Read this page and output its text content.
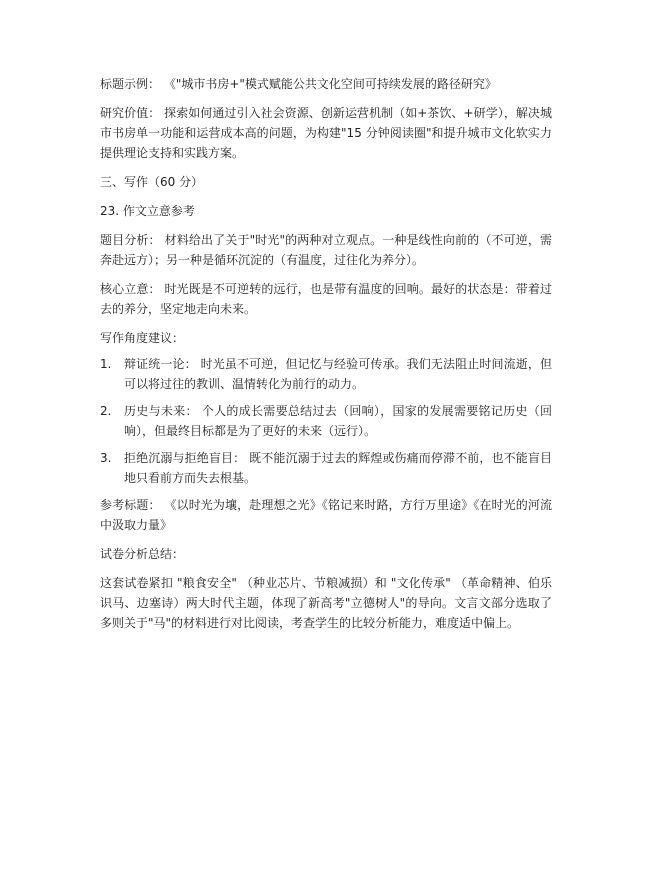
标题示例： 《"城市书房+"模式赋能公共文化空间可持续发展的路径研究》

研究价值： 探索如何通过引入社会资源、创新运营机制（如+茶饮、+研学），解决城市书房单一功能和运营成本高的问题，为构建"15 分钟阅读圈"和提升城市文化软实力提供理论支持和实践方案。

三、写作（60 分）

23. 作文立意参考

题目分析： 材料给出了关于"时光"的两种对立观点。一种是线性向前的（不可逆，需奔赴远方）；另一种是循环沉淀的（有温度，过往化为养分）。

核心立意： 时光既是不可逆转的远行，也是带有温度的回响。最好的状态是：带着过去的养分，坚定地走向未来。

写作角度建议：

1.	辩证统一论： 时光虽不可逆，但记忆与经验可传承。我们无法阻止时间流逝，但可以将过往的教训、温情转化为前行的动力。
2.	历史与未来： 个人的成长需要总结过去（回响），国家的发展需要铭记历史（回响），但最终目标都是为了更好的未来（远行）。
3.	拒绝沉溺与拒绝盲目： 既不能沉溺于过去的辉煌或伤痛而停滞不前，也不能盲目地只看前方而失去根基。

参考标题： 《以时光为壤，赴理想之光》《铭记来时路，方行万里途》《在时光的河流中汲取力量》

试卷分析总结：

这套试卷紧扣 "粮食安全" （种业芯片、节粮减损）和 "文化传承" （革命精神、伯乐识马、边塞诗）两大时代主题，体现了新高考"立德树人"的导向。文言文部分选取了多则关于"马"的材料进行对比阅读，考查学生的比较分析能力，难度适中偏上。
